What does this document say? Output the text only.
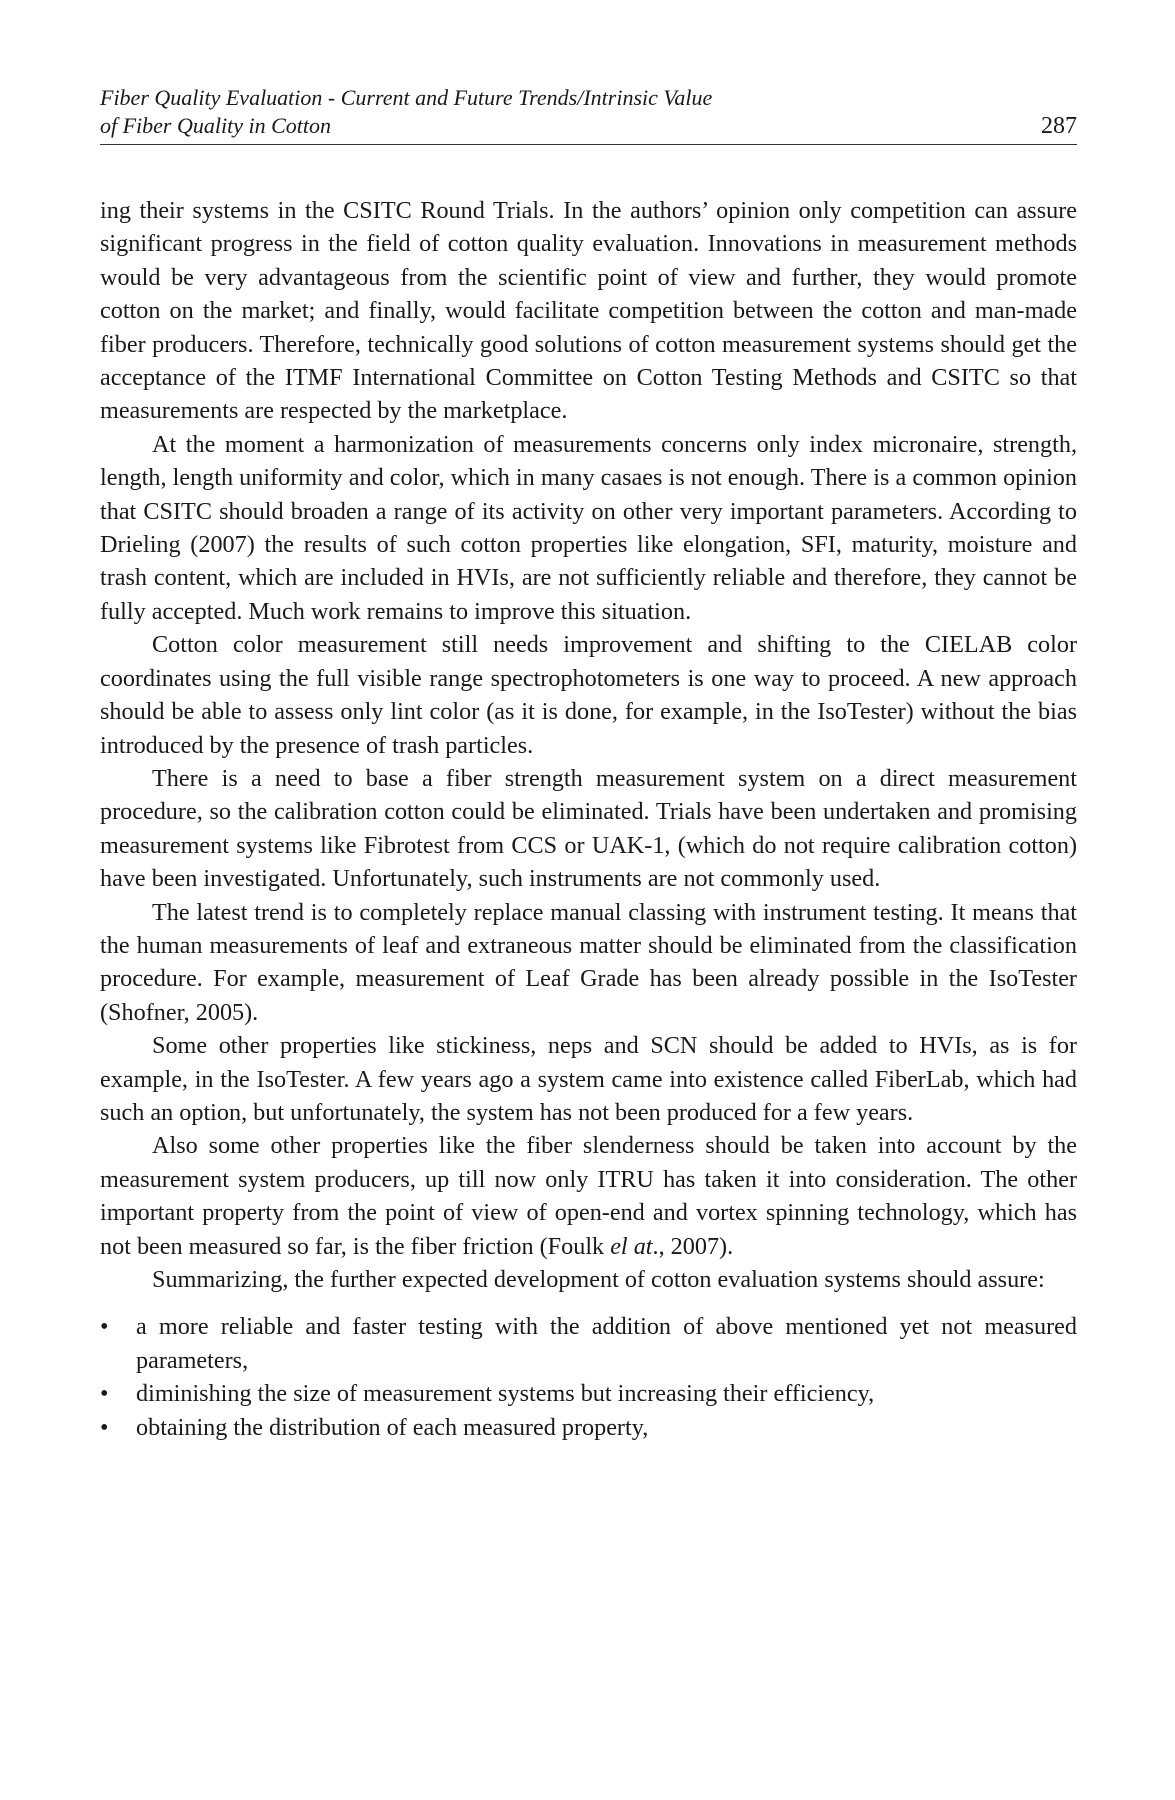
Fiber Quality Evaluation - Current and Future Trends/Intrinsic Value
of Fiber Quality in Cotton	287

ing their systems in the CSITC Round Trials. In the authors’ opinion only competition can assure significant progress in the field of cotton quality evaluation. Innovations in measurement methods would be very advantageous from the scientific point of view and further, they would promote cotton on the market; and finally, would facilitate competition between the cotton and man-made fiber producers. Therefore, technically good solutions of cotton measurement systems should get the acceptance of the ITMF International Committee on Cotton Testing Methods and CSITC so that measurements are respected by the marketplace.

At the moment a harmonization of measurements concerns only index micronaire, strength, length, length uniformity and color, which in many casaes is not enough. There is a common opinion that CSITC should broaden a range of its activity on other very important parameters. According to Drieling (2007) the results of such cotton properties like elongation, SFI, maturity, moisture and trash content, which are included in HVIs, are not sufficiently reliable and therefore, they cannot be fully accepted. Much work remains to improve this situation.

Cotton color measurement still needs improvement and shifting to the CIELAB color coordinates using the full visible range spectrophotometers is one way to proceed. A new approach should be able to assess only lint color (as it is done, for example, in the IsoTester) without the bias introduced by the presence of trash particles.

There is a need to base a fiber strength measurement system on a direct measurement procedure, so the calibration cotton could be eliminated. Trials have been undertaken and promising measurement systems like Fibrotest from CCS or UAK-1, (which do not require calibration cotton) have been investigated. Unfortunately, such instruments are not commonly used.

The latest trend is to completely replace manual classing with instrument testing. It means that the human measurements of leaf and extraneous matter should be eliminated from the classification procedure. For example, measurement of Leaf Grade has been already possible in the IsoTester (Shofner, 2005).

Some other properties like stickiness, neps and SCN should be added to HVIs, as is for example, in the IsoTester. A few years ago a system came into existence called FiberLab, which had such an option, but unfortunately, the system has not been produced for a few years.

Also some other properties like the fiber slenderness should be taken into account by the measurement system producers, up till now only ITRU has taken it into consideration. The other important property from the point of view of open-end and vortex spinning technology, which has not been measured so far, is the fiber friction (Foulk el at., 2007).

Summarizing, the further expected development of cotton evaluation systems should assure:

• a more reliable and faster testing with the addition of above mentioned yet not measured parameters,
• diminishing the size of measurement systems but increasing their efficiency,
• obtaining the distribution of each measured property,
